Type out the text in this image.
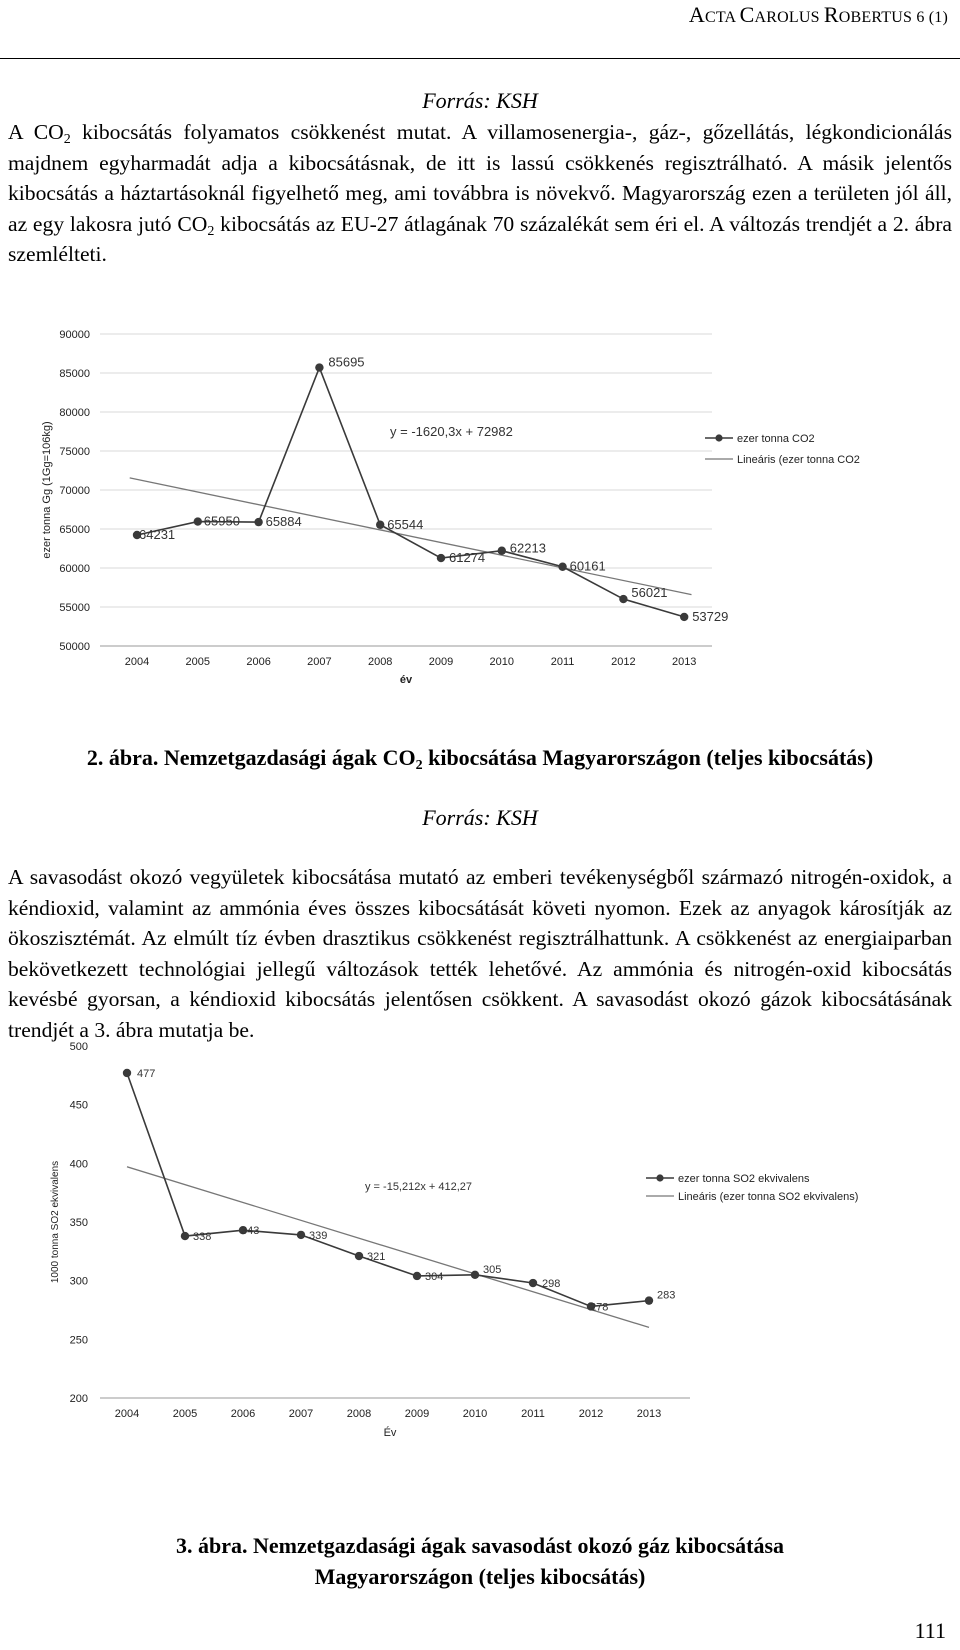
ACTA CAROLUS ROBERTUS 6 (1)
Forrás: KSH

A $CO_2$ kibocsátás folyamatos csökkenést mutat. A villamosenergia-, gáz-, gőzellátás, légkondicionálás majdnem egyharmadát adja a kibocsátásnak, de itt is lassú csökkenés regisztrálható. A másik jelentős kibocsátás a háztartásoknál figyelhető meg, ami továbbra is növekvő. Magyarország ezen a területen jól áll, az egy lakosra jutó $CO_2$ kibocsátás az EU-27 átlagának 70 százalékát sem éri el. A változás trendjét a 2. ábra szemlélteti.

50000
55000
60000
65000
70000
75000
80000
85000
90000
2004	2005	2006	2007	2008	2009	2010	2011	2012	2013
év
ezer tonna Gg (1Gg=106kg)	64231
65950 65884
85695
65544
61274
62213
60161
56021
53729
y = -1620,3x + 72982	ezer tonna CO2
Lineáris (ezer tonna CO2
2. ábra. Nemzetgazdasági ágak $CO_2$ kibocsátása Magyarországon (teljes kibocsátás)
Forrás: KSH

A savasodást okozó vegyületek kibocsátása mutató az emberi tevékenységből származó nitrogén-oxidok, a kéndioxid, valamint az ammónia éves összes kibocsátását követi nyomon. Ezek az anyagok károsítják az ökoszisztémát. Az elmúlt tíz évben drasztikus csökkenést regisztrálhattunk. A csökkenést az energiaiparban bekövetkezett technológiai jellegű változások tették lehetővé. Az ammónia és nitrogén-oxid kibocsátás kevésbé gyorsan, a kéndioxid kibocsátás jelentősen csökkent. A savasodást okozó gázok kibocsátásának trendjét a 3. ábra mutatja be.

200
250
300
350
400
450
500
2004	2005	2006	2007	2008	2009	2010	2011	2012	2013
Év
1000 tonna SO2 ekvivalens
477
338	343	339
321
304
305
298
278
283
y = -15,212x + 412,27
ezer tonna SO2 ekvivalens
Lineáris (ezer tonna SO2 ekvivalens)
3. ábra. Nemzetgazdasági ágak savasodást okozó gáz kibocsátása
Magyarországon (teljes kibocsátás)
111
